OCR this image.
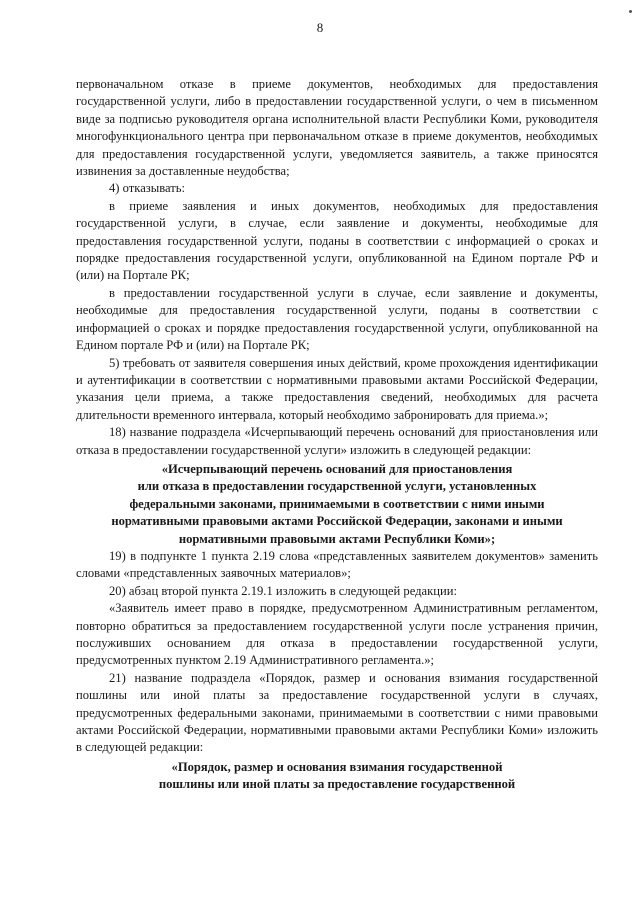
8

первоначальном отказе в приеме документов, необходимых для предоставления государственной услуги, либо в предоставлении государственной услуги, о чем в письменном виде за подписью руководителя органа исполнительной власти Республики Коми, руководителя многофункционального центра при первоначальном отказе в приеме документов, необходимых для предоставления государственной услуги, уведомляется заявитель, а также приносятся извинения за доставленные неудобства;

4) отказывать:

в приеме заявления и иных документов, необходимых для предоставления государственной услуги, в случае, если заявление и документы, необходимые для предоставления государственной услуги, поданы в соответствии с информацией о сроках и порядке предоставления государственной услуги, опубликованной на Едином портале РФ и (или) на Портале РК;

в предоставлении государственной услуги в случае, если заявление и документы, необходимые для предоставления государственной услуги, поданы в соответствии с информацией о сроках и порядке предоставления государственной услуги, опубликованной на Едином портале РФ и (или) на Портале РК;

5) требовать от заявителя совершения иных действий, кроме прохождения идентификации и аутентификации в соответствии с нормативными правовыми актами Российской Федерации, указания цели приема, а также предоставления сведений, необходимых для расчета длительности временного интервала, который необходимо забронировать для приема.»;

18) название подраздела «Исчерпывающий перечень оснований для приостановления или отказа в предоставлении государственной услуги» изложить в следующей редакции:

«Исчерпывающий перечень оснований для приостановления

или отказа в предоставлении государственной услуги, установленных

федеральными законами, принимаемыми в соответствии с ними иными

нормативными правовыми актами Российской Федерации, законами и иными

нормативными правовыми актами Республики Коми»;

19) в подпункте 1 пункта 2.19 слова «представленных заявителем документов» заменить словами «представленных заявочных материалов»;

20) абзац второй пункта 2.19.1 изложить в следующей редакции:

«Заявитель имеет право в порядке, предусмотренном Административным регламентом, повторно обратиться за предоставлением государственной услуги после устранения причин, послуживших основанием для отказа в предоставлении государственной услуги, предусмотренных пунктом 2.19 Административного регламента.»;

21) название подраздела «Порядок, размер и основания взимания государственной пошлины или иной платы за предоставление государственной услуги в случаях, предусмотренных федеральными законами, принимаемыми в соответствии с ними правовыми актами Российской Федерации, нормативными правовыми актами Республики Коми» изложить в следующей редакции:

«Порядок, размер и основания взимания государственной

пошлины или иной платы за предоставление государственной
